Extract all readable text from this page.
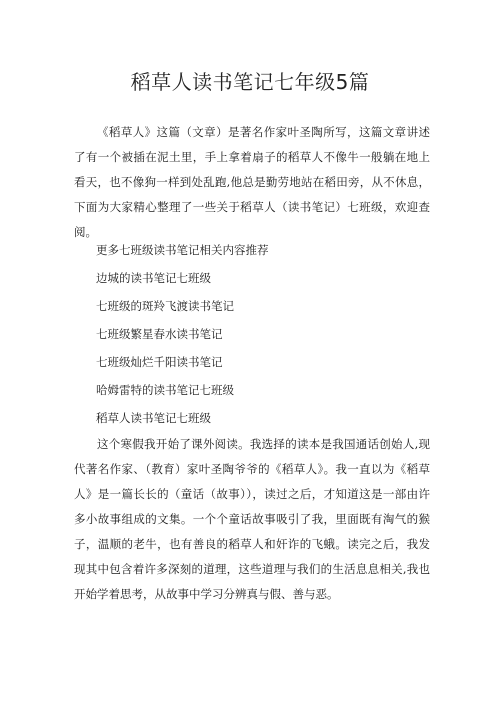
稻草人读书笔记七年级5篇

《稻草人》这篇（文章）是著名作家叶圣陶所写，这篇文章讲述了有一个被插在泥土里，手上拿着扇子的稻草人不像牛一般躺在地上看天，也不像狗一样到处乱跑,他总是勤劳地站在稻田旁，从不休息，下面为大家精心整理了一些关于稻草人（读书笔记）七班级，欢迎查阅。

更多七班级读书笔记相关内容推荐
边城的读书笔记七班级
七班级的斑羚飞渡读书笔记
七班级繁星春水读书笔记
七班级灿烂千阳读书笔记
哈姆雷特的读书笔记七班级
稻草人读书笔记七班级

这个寒假我开始了课外阅读。我选择的读本是我国通话创始人,现代著名作家、（教育）家叶圣陶爷爷的《稻草人》。我一直以为《稻草人》是一篇长长的（童话（故事）），读过之后，才知道这是一部由许多小故事组成的文集。一个个童话故事吸引了我，里面既有淘气的猴子，温顺的老牛，也有善良的稻草人和奸诈的飞蛾。读完之后，我发现其中包含着许多深刻的道理，这些道理与我们的生活息息相关,我也开始学着思考，从故事中学习分辨真与假、善与恶。
